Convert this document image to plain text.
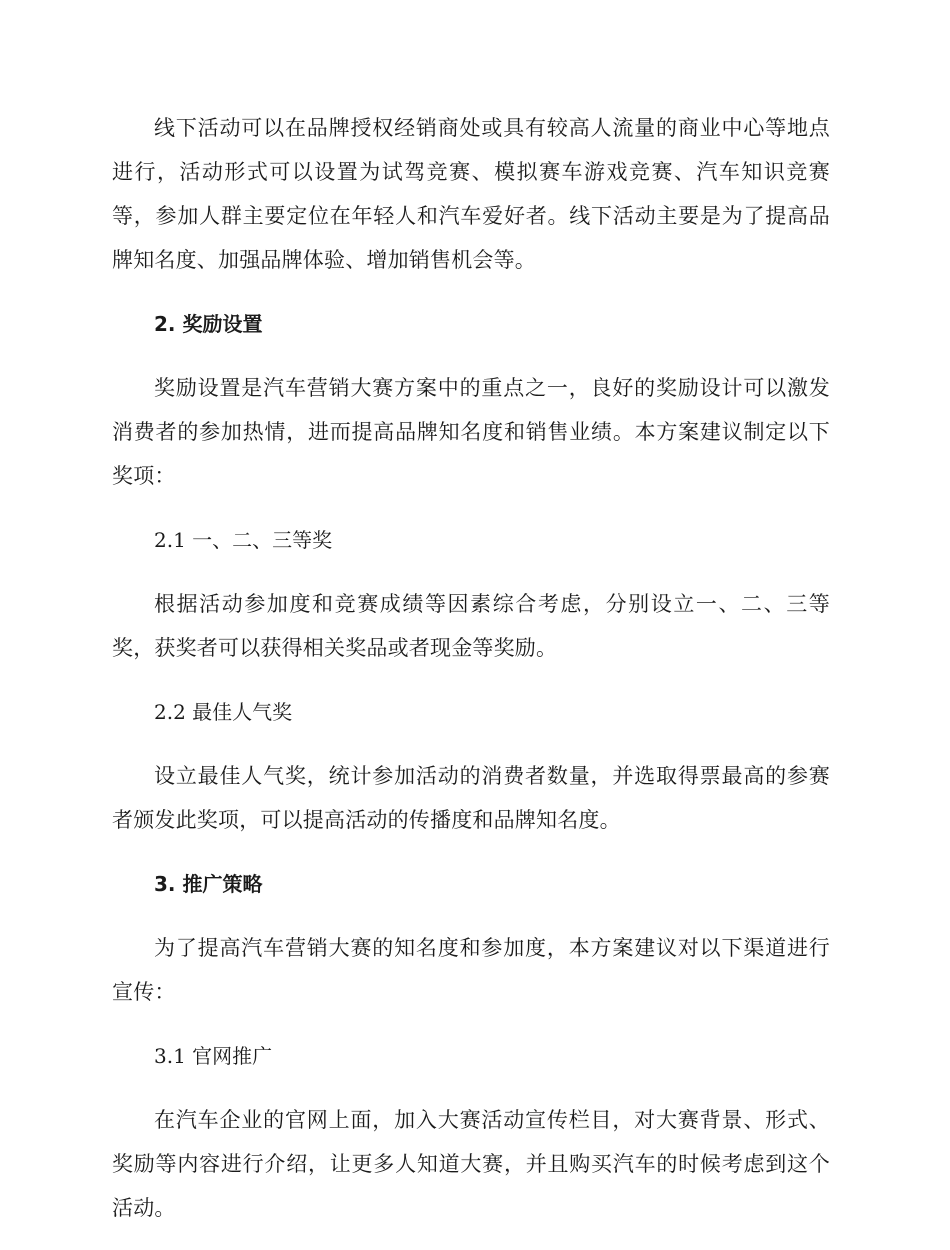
线下活动可以在品牌授权经销商处或具有较高人流量的商业中心等地点进行，活动形式可以设置为试驾竞赛、模拟赛车游戏竞赛、汽车知识竞赛等，参加人群主要定位在年轻人和汽车爱好者。线下活动主要是为了提高品牌知名度、加强品牌体验、增加销售机会等。

2. 奖励设置

奖励设置是汽车营销大赛方案中的重点之一，良好的奖励设计可以激发消费者的参加热情，进而提高品牌知名度和销售业绩。本方案建议制定以下奖项：

2.1 一、二、三等奖

根据活动参加度和竞赛成绩等因素综合考虑，分别设立一、二、三等奖，获奖者可以获得相关奖品或者现金等奖励。

2.2 最佳人气奖

设立最佳人气奖，统计参加活动的消费者数量，并选取得票最高的参赛者颁发此奖项，可以提高活动的传播度和品牌知名度。

3. 推广策略

为了提高汽车营销大赛的知名度和参加度，本方案建议对以下渠道进行宣传：

3.1 官网推广

在汽车企业的官网上面，加入大赛活动宣传栏目，对大赛背景、形式、奖励等内容进行介绍，让更多人知道大赛，并且购买汽车的时候考虑到这个活动。
